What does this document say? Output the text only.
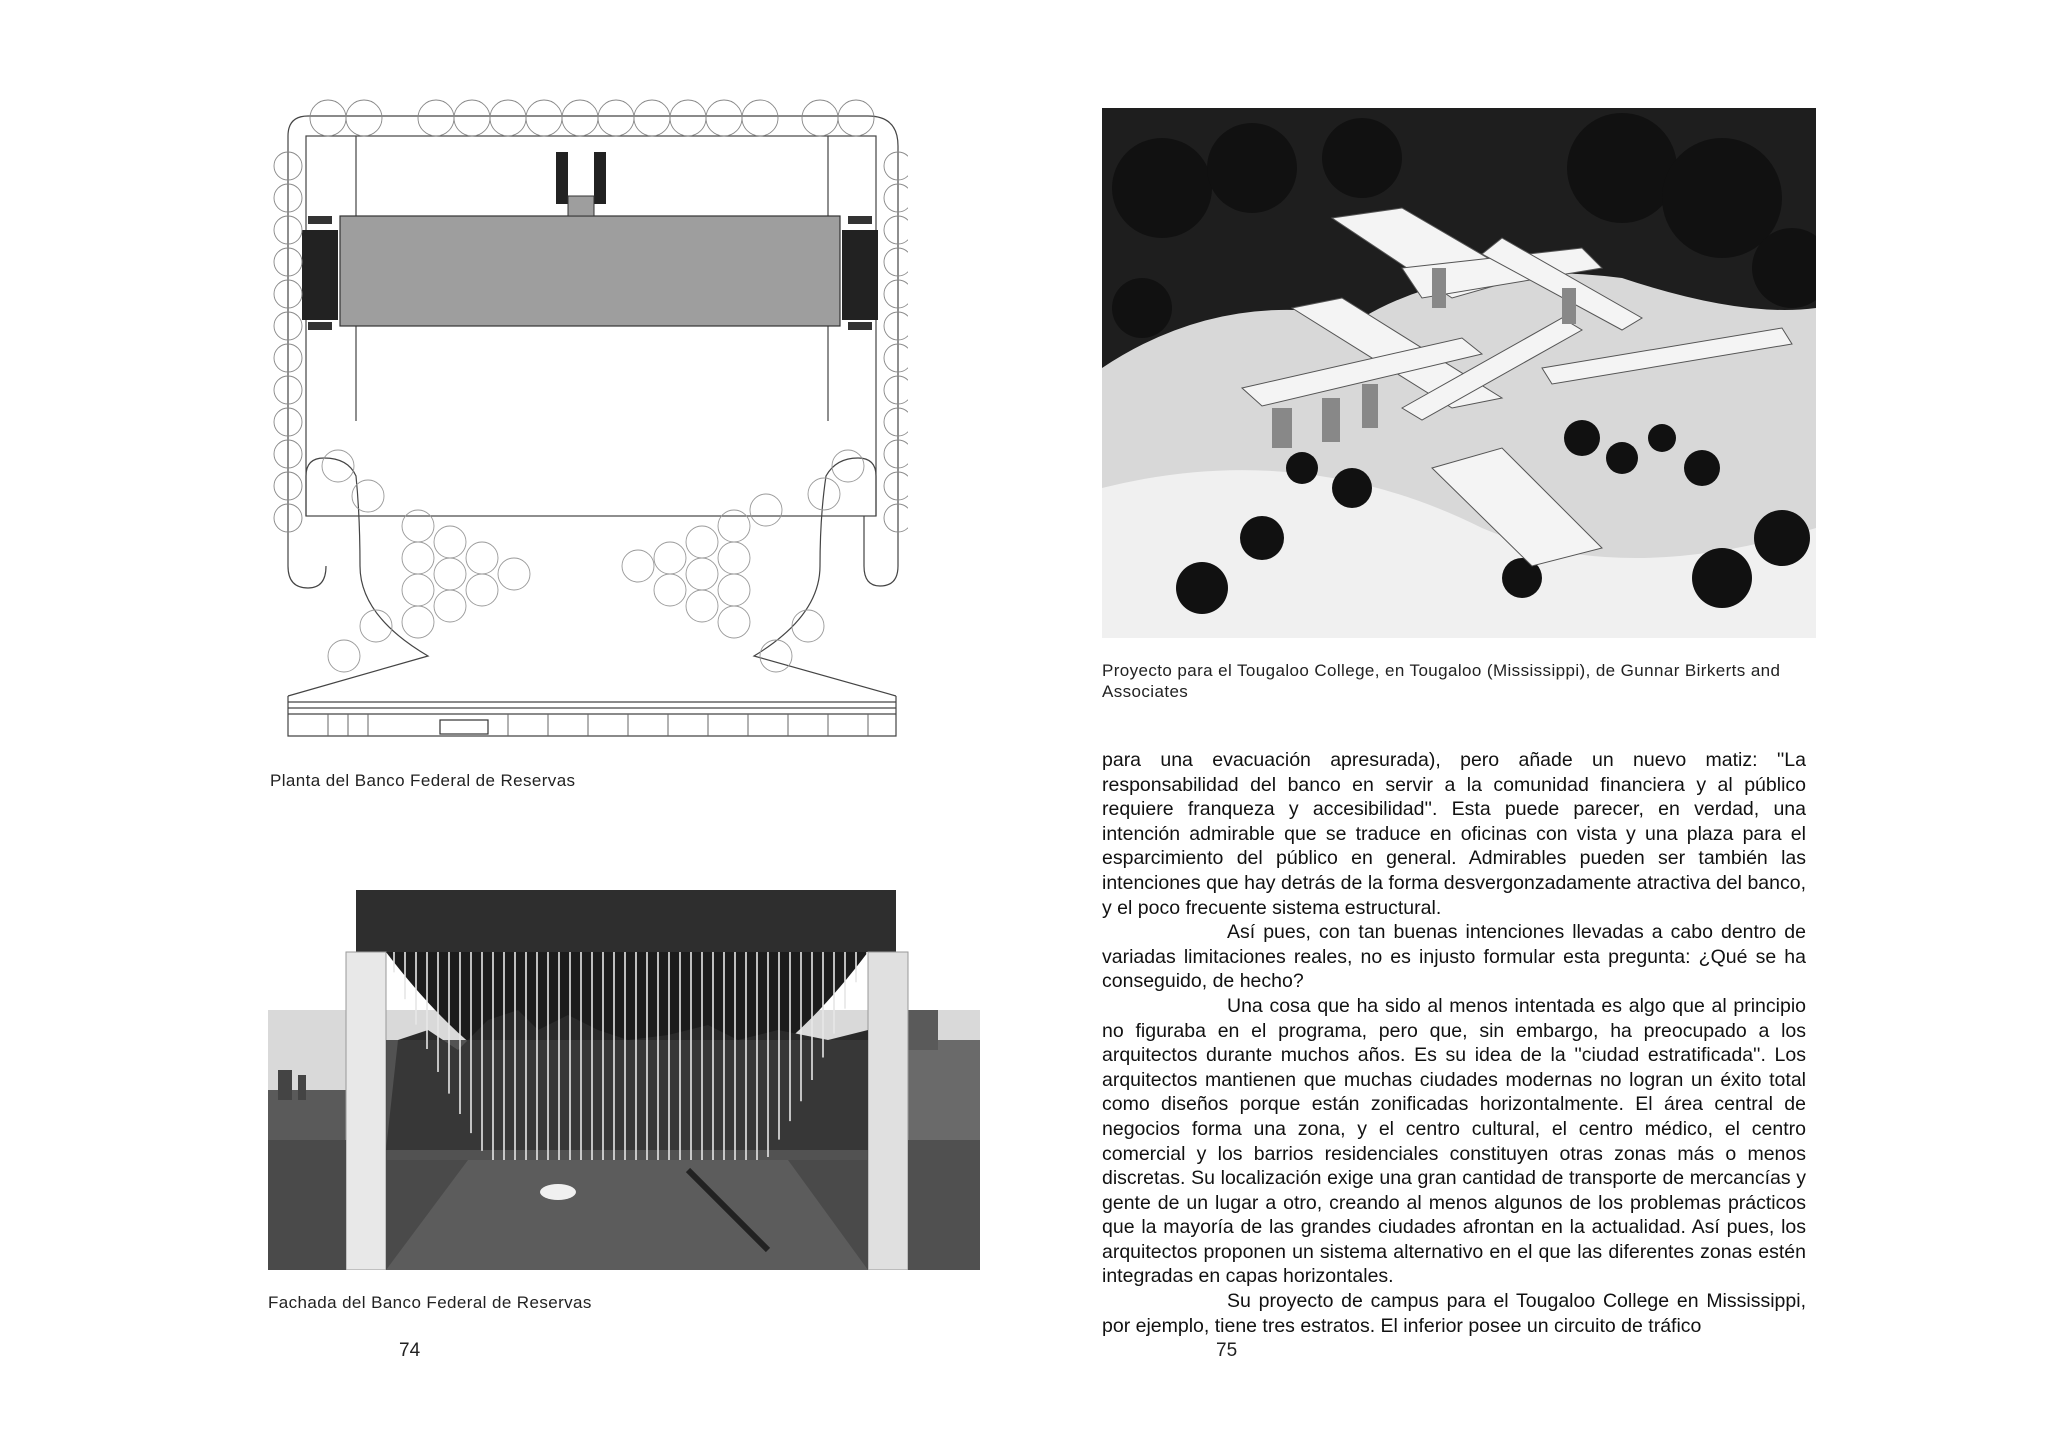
Planta del Banco Federal de Reservas
Fachada del Banco Federal de Reservas
74
Proyecto para el Tougaloo College, en Tougaloo (Mississippi), de Gunnar Birkerts and Associates

para una evacuación apresurada), pero añade un nuevo matiz: ''La responsabilidad del banco en servir a la comunidad financiera y al público requiere franqueza y accesibilidad''. Esta puede parecer, en verdad, una intención admirable que se traduce en oficinas con vista y una plaza para el esparcimiento del público en general. Admirables pueden ser también las intenciones que hay detrás de la forma desvergonzadamente atractiva del banco, y el poco frecuente sistema estructural.

Así pues, con tan buenas intenciones llevadas a cabo dentro de variadas limitaciones reales, no es injusto formular esta pregunta: ¿Qué se ha conseguido, de hecho?

Una cosa que ha sido al menos intentada es algo que al principio no figuraba en el programa, pero que, sin embargo, ha preocupado a los arquitectos durante muchos años. Es su idea de la ''ciudad estratificada''. Los arquitectos mantienen que muchas ciudades modernas no logran un éxito total como diseños porque están zonificadas horizontalmente. El área central de negocios forma una zona, y el centro cultural, el centro médico, el centro comercial y los barrios residenciales constituyen otras zonas más o menos discretas. Su localización exige una gran cantidad de transporte de mercancías y gente de un lugar a otro, creando al menos algunos de los problemas prácticos que la mayoría de las grandes ciudades afrontan en la actualidad. Así pues, los arquitectos proponen un sistema alternativo en el que las diferentes zonas estén integradas en capas horizontales.

Su proyecto de campus para el Tougaloo College en Mississippi, por ejemplo, tiene tres estratos. El inferior posee un circuito de tráfico

75
